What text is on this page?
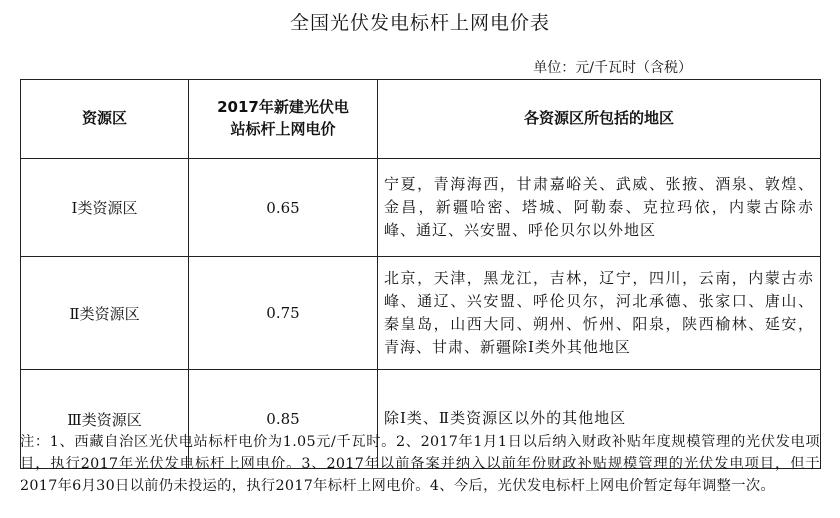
全国光伏发电标杆上网电价表
单位：元/千瓦时（含税）
资源区	2017年新建光伏电站标杆上网电价	各资源区所包括的地区
Ⅰ类资源区	0.65	宁夏，青海海西，甘肃嘉峪关、武威、张掖、酒泉、敦煌、金昌，新疆哈密、塔城、阿勒泰、克拉玛依，内蒙古除赤峰、通辽、兴安盟、呼伦贝尔以外地区
Ⅱ类资源区	0.75	北京，天津，黑龙江，吉林，辽宁，四川，云南，内蒙古赤峰、通辽、兴安盟、呼伦贝尔，河北承德、张家口、唐山、秦皇岛，山西大同、朔州、忻州、阳泉，陕西榆林、延安，青海、甘肃、新疆除Ⅰ类外其他地区
Ⅲ类资源区	0.85	除Ⅰ类、Ⅱ类资源区以外的其他地区
注：1、西藏自治区光伏电站标杆电价为1.05元/千瓦时。2、2017年1月1日以后纳入财政补贴年度规模管理的光伏发电项目，执行2017年光伏发电标杆上网电价。3、2017年以前备案并纳入以前年份财政补贴规模管理的光伏发电项目，但于2017年6月30日以前仍未投运的，执行2017年标杆上网电价。4、今后，光伏发电标杆上网电价暂定每年调整一次。
